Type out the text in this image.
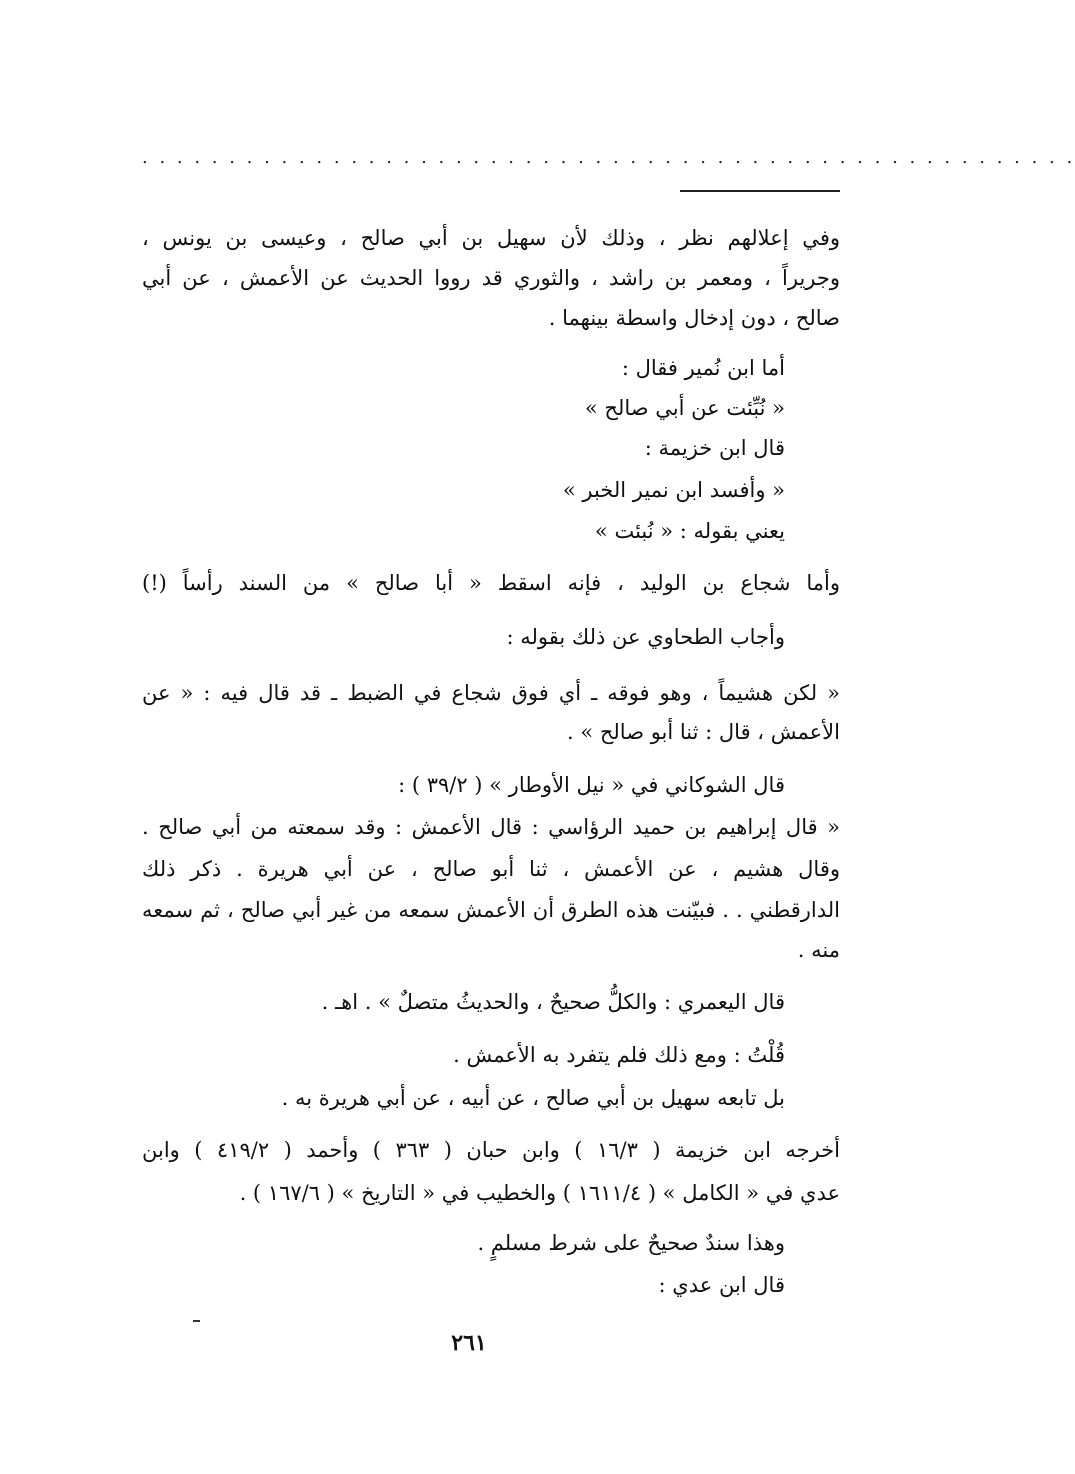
. . . . . . . . . . . . . . . . . . . . . . . . . . . . . . . . . . . . . . . . . . . . . . . . . . . . . .
وفي إعلالهم نظر ، وذلك لأن سهيل بن أبي صالح ، وعيسى بن يونس ،
وجريراً ، ومعمر بن راشد ، والثوري قد رووا الحديث عن الأعمش ، عن أبي
صالح ، دون إدخال واسطة بينهما .
أما ابن نُمير فقال :
« نُبِّئت عن أبي صالح »
قال ابن خزيمة :
« وأفسد ابن نمير الخبر »
يعني بقوله : « نُبئت »
وأما شجاع بن الوليد ، فإنه اسقط « أبا صالح » من السند رأساً (!)
وأجاب الطحاوي عن ذلك بقوله :
« لكن هشيماً ، وهو فوقه ـ أي فوق شجاع في الضبط ـ قد قال فيه : « عن
الأعمش ، قال : ثنا أبو صالح » .
قال الشوكاني في « نيل الأوطار » ( ٣٩/٢ ) :
« قال إبراهيم بن حميد الرؤاسي : قال الأعمش : وقد سمعته من أبي صالح .
وقال هشيم ، عن الأعمش ، ثنا أبو صالح ، عن أبي هريرة . ذكر ذلك
الدارقطني . . فبيّنت هذه الطرق أن الأعمش سمعه من غير أبي صالح ، ثم سمعه
منه .
قال اليعمري : والكلُّ صحيحٌ ، والحديثُ متصلٌ » . اهـ .
قُلْتُ : ومع ذلك فلم يتفرد به الأعمش .
بل تابعه سهيل بن أبي صالح ، عن أبيه ، عن أبي هريرة به .
أخرجه ابن خزيمة ( ١٦/٣ ) وابن حبان ( ٣٦٣ ) وأحمد ( ٤١٩/٢ ) وابن
عدي في « الكامل » ( ١٦١١/٤ ) والخطيب في « التاريخ » ( ١٦٧/٦ ) .
وهذا سندٌ صحيحٌ على شرط مسلمٍ .
قال ابن عدي :
٢٦١
